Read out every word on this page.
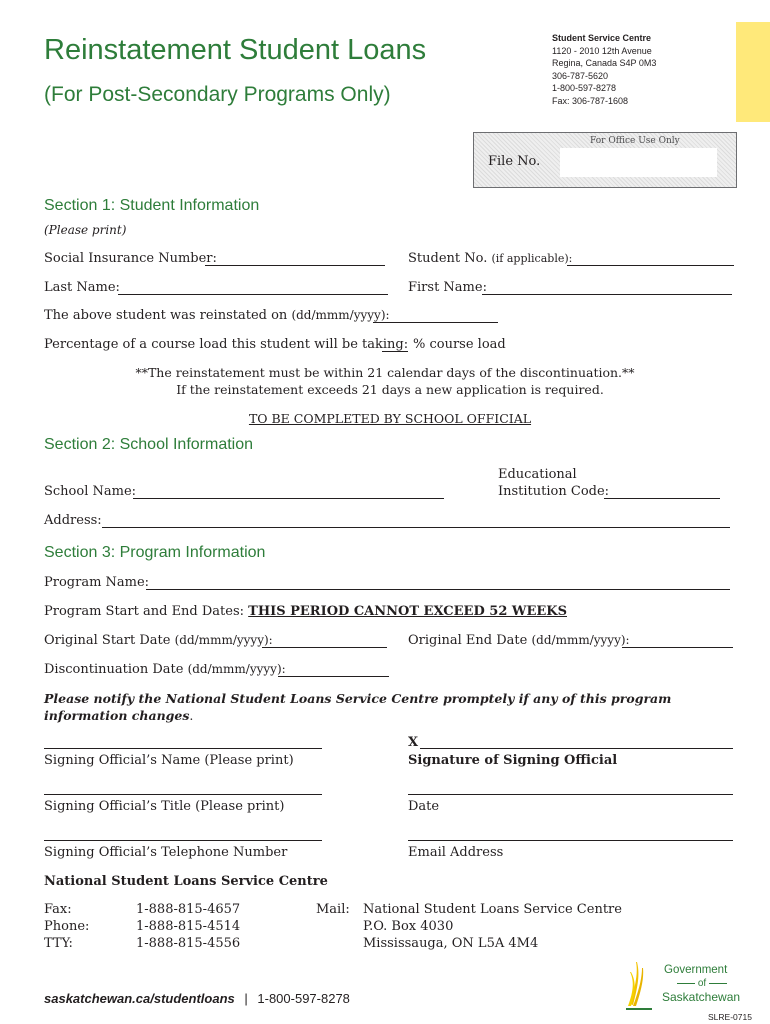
Reinstatement Student Loans
(For Post-Secondary Programs Only)
Student Service Centre
1120 - 2010 12th Avenue
Regina, Canada S4P 0M3
306-787-5620
1-800-597-8278
Fax: 306-787-1608
For Office Use Only
File No.
Section 1: Student Information
(Please print)
Social Insurance Number:	Student No. (if applicable):
Last Name:	First Name:
The above student was reinstated on (dd/mmm/yyyy):
Percentage of a course load this student will be taking: % course load
**The reinstatement must be within 21 calendar days of the discontinuation.**
If the reinstatement exceeds 21 days a new application is required.
TO BE COMPLETED BY SCHOOL OFFICIAL
Section 2: School Information
School Name:
Educational
Institution Code:
Address:
Section 3: Program Information
Program Name:
Program Start and End Dates: THIS PERIOD CANNOT EXCEED 52 WEEKS
Original Start Date (dd/mmm/yyyy):	Original End Date (dd/mmm/yyyy):
Discontinuation Date (dd/mmm/yyyy):
Please notify the National Student Loans Service Centre promptely if any of this program information changes.
Signing Official’s Name (Please print)
X
Signature of Signing Official
Signing Official’s Title (Please print)	Date
Signing Official’s Telephone Number	Email Address
National Student Loans Service Centre
Fax:	1-888-815-4657
Phone:	1-888-815-4514
TTY:	1-888-815-4556
Mail: National Student Loans Service Centre
P.O. Box 4030
Mississauga, ON L5A 4M4
saskatchewan.ca/studentloans | 1-800-597-8278
Government
of
Saskatchewan
SLRE-0715
